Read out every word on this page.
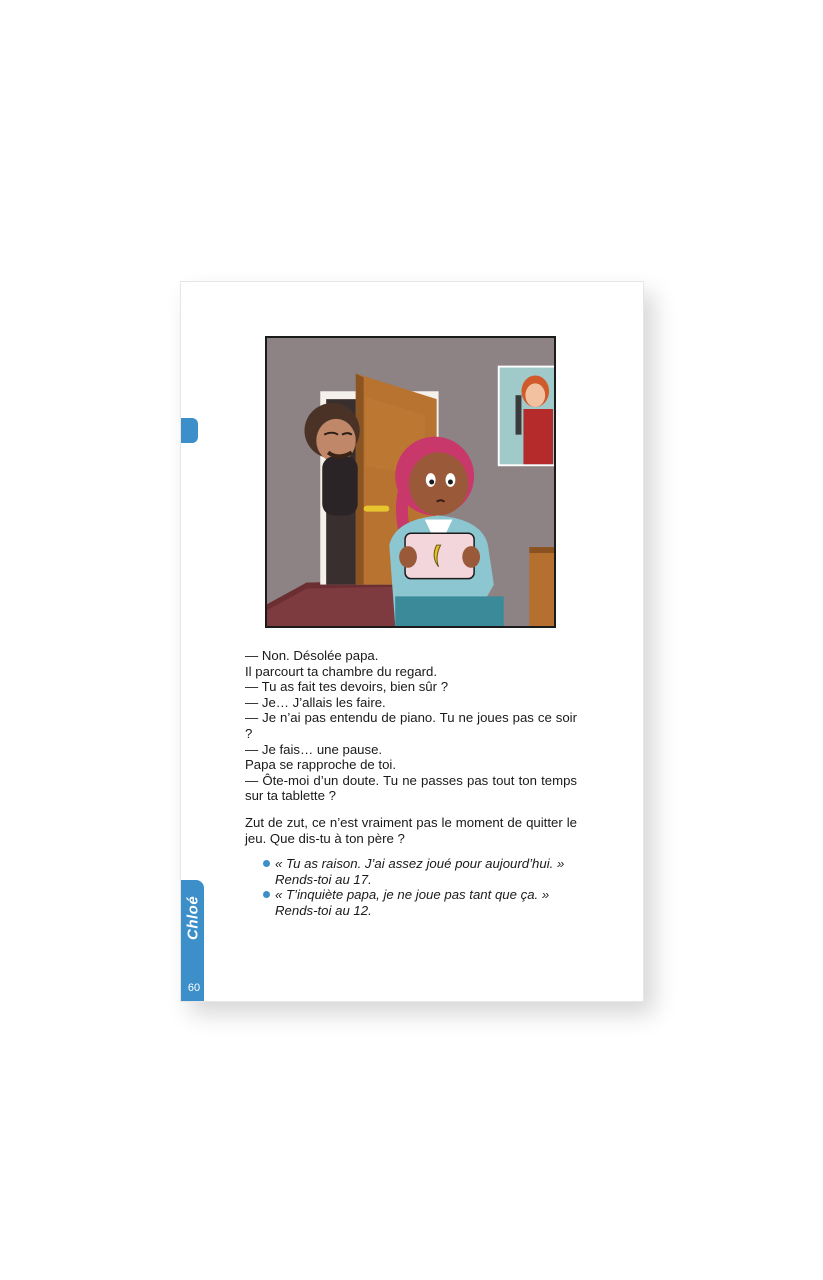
— Non. Désolée papa.
Il parcourt ta chambre du regard.
— Tu as fait tes devoirs, bien sûr ?
— Je… J’allais les faire.
— Je n’ai pas entendu de piano. Tu ne joues pas ce soir ?
— Je fais… une pause.
Papa se rapproche de toi.
— Ôte-moi d’un doute. Tu ne passes pas tout ton temps sur ta tablette ?
Zut de zut, ce n’est vraiment pas le moment de quitter le jeu. Que dis-tu à ton père ?
« Tu as raison. J’ai assez joué pour aujourd’hui. »
Rends-toi au 17.
« T’inquiète papa, je ne joue pas tant que ça. »
Rends-toi au 12.
Chloé
60
